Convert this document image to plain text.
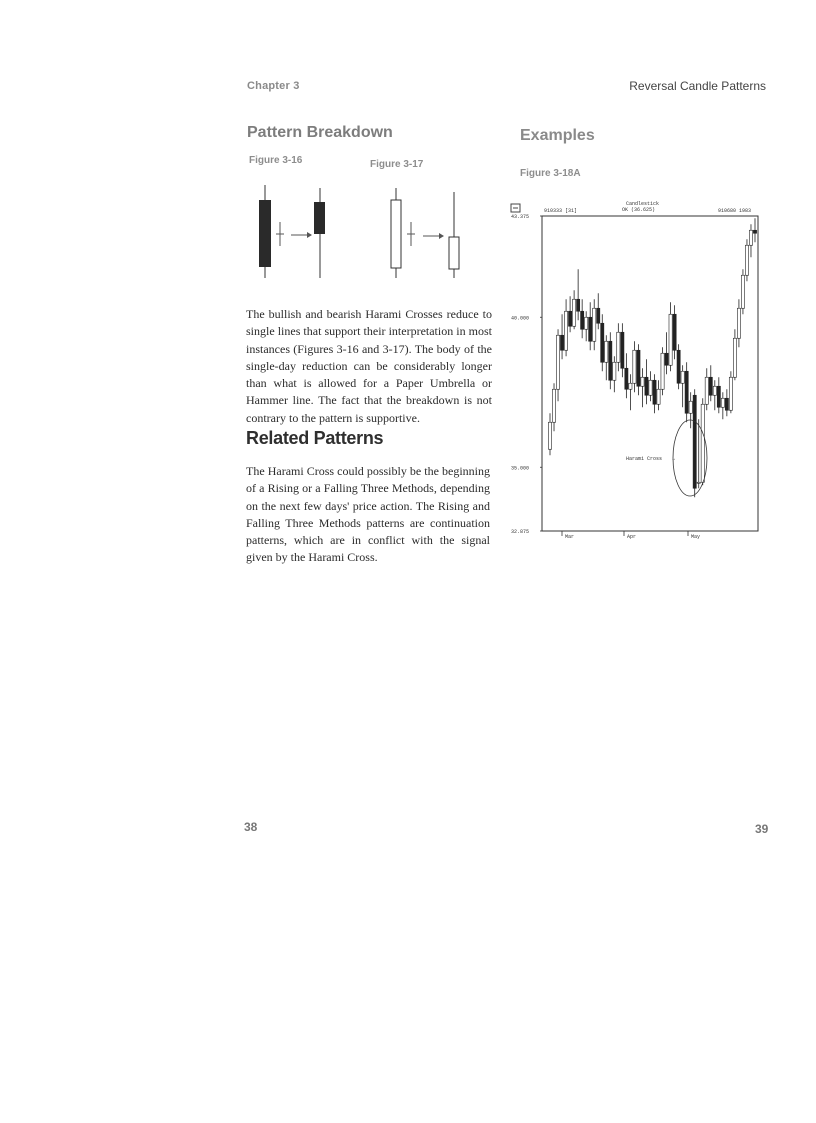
Chapter 3	Reversal Candle Patterns
Pattern Breakdown
Figure 3-16	Figure 3-17
The bullish and bearish Harami Crosses reduce to single lines that support their interpretation in most instances (Figures 3-16 and 3-17). The body of the single-day reduction can be considerably longer than what is allowed for a Paper Umbrella or Hammer line. The fact that the breakdown is not contrary to the pattern is supportive.
Related Patterns
The Harami Cross could possibly be the beginning of a Rising or a Falling Three Methods, depending on the next few days' price action. The Rising and Falling Three Methods patterns are continuation patterns, which are in conflict with the signal given by the Harami Cross.
Examples
Figure 3-18A
910333 [31]
Candlestick
OK (36.625)	910680 1983
43.375
40.000
35.000
32.875
Mar	Apr	May
Harami Cross →
38	39
